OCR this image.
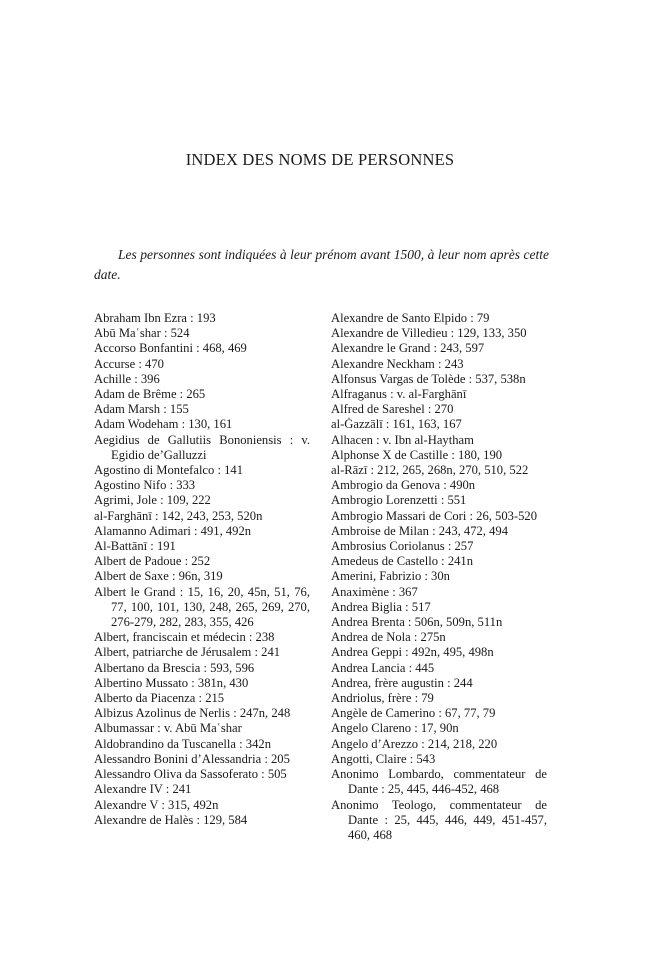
INDEX DES NOMS DE PERSONNES
Les personnes sont indiquées à leur prénom avant 1500, à leur nom après cette date.

Abraham Ibn Ezra : 193

Abū Maʿshar : 524

Accorso Bonfantini : 468, 469

Accurse : 470

Achille : 396

Adam de Brême : 265

Adam Marsh : 155

Adam Wodeham : 130, 161

Aegidius de Gallutiis Bononiensis : v. Egidio de’Galluzzi

Agostino di Montefalco : 141

Agostino Nifo : 333

Agrimi, Jole : 109, 222

al-Farghānī : 142, 243, 253, 520n

Alamanno Adimari : 491, 492n

Al-Battānī : 191

Albert de Padoue : 252

Albert de Saxe : 96n, 319

Albert le Grand : 15, 16, 20, 45n, 51, 76, 77, 100, 101, 130, 248, 265, 269, 270, 276-279, 282, 283, 355, 426

Albert, franciscain et médecin : 238

Albert, patriarche de Jérusalem : 241

Albertano da Brescia : 593, 596

Albertino Mussato : 381n, 430

Alberto da Piacenza : 215

Albizus Azolinus de Nerlis : 247n, 248

Albumassar : v. Abū Maʿshar

Aldobrandino da Tuscanella : 342n

Alessandro Bonini d’Alessandria : 205

Alessandro Oliva da Sassoferato : 505

Alexandre IV : 241

Alexandre V : 315, 492n

Alexandre de Halès : 129, 584

Alexandre de Santo Elpido : 79

Alexandre de Villedieu : 129, 133, 350

Alexandre le Grand : 243, 597

Alexandre Neckham : 243

Alfonsus Vargas de Tolède : 537, 538n

Alfraganus : v. al-Farghānī

Alfred de Sareshel : 270

al-Ġazzālī : 161, 163, 167

Alhacen : v. Ibn al-Haytham

Alphonse X de Castille : 180, 190

al-Rāzī : 212, 265, 268n, 270, 510, 522

Ambrogio da Genova : 490n

Ambrogio Lorenzetti : 551

Ambrogio Massari de Cori : 26, 503-520

Ambroise de Milan : 243, 472, 494

Ambrosius Coriolanus : 257

Amedeus de Castello : 241n

Amerini, Fabrizio : 30n

Anaximène : 367

Andrea Biglia : 517

Andrea Brenta : 506n, 509n, 511n

Andrea de Nola : 275n

Andrea Geppi : 492n, 495, 498n

Andrea Lancia : 445

Andrea, frère augustin : 244

Andriolus, frère : 79

Angèle de Camerino : 67, 77, 79

Angelo Clareno : 17, 90n

Angelo d’Arezzo : 214, 218, 220

Angotti, Claire : 543

Anonimo Lombardo, commentateur de Dante : 25, 445, 446-452, 468

Anonimo Teologo, commentateur de Dante : 25, 445, 446, 449, 451-457, 460, 468
